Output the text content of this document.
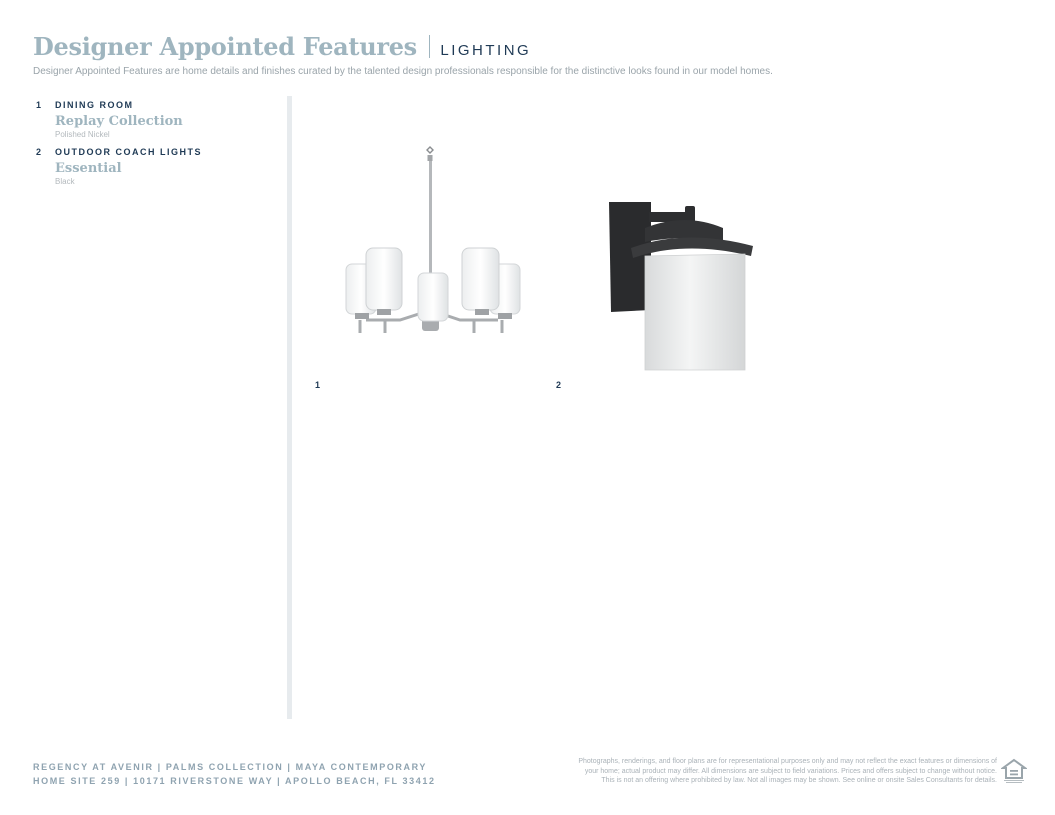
Designer Appointed Features LIGHTING
Designer Appointed Features are home details and finishes curated by the talented design professionals responsible for the distinctive looks found in our model homes.
1	DINING ROOM
Replay Collection
Polished Nickel
2	OUTDOOR COACH LIGHTS
Essential
Black
1	2
REGENCY AT AVENIR | PALMS COLLECTION | MAYA CONTEMPORARY
HOME SITE 259 | 10171 RIVERSTONE WAY | APOLLO BEACH, FL 33412
Photographs, renderings, and floor plans are for representational purposes only and may not reflect the exact features or dimensions of
your home; actual product may differ. All dimensions are subject to field variations. Prices and offers subject to change without notice.
This is not an offering where prohibited by law. Not all images may be shown. See online or onsite Sales Consultants for details.
